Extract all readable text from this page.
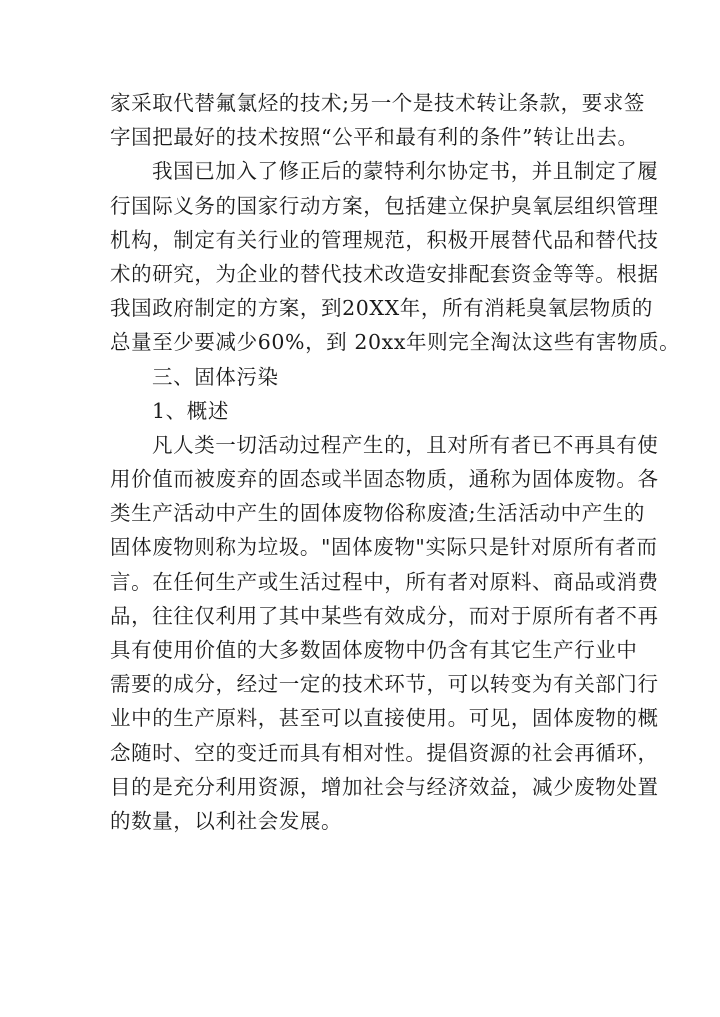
家采取代替氟氯烃的技术;另一个是技术转让条款，要求签
字国把最好的技术按照“公平和最有利的条件”转让出去。
我国已加入了修正后的蒙特利尔协定书，并且制定了履
行国际义务的国家行动方案，包括建立保护臭氧层组织管理
机构，制定有关行业的管理规范，积极开展替代品和替代技
术的研究，为企业的替代技术改造安排配套资金等等。根据
我国政府制定的方案，到20XX年，所有消耗臭氧层物质的
总量至少要减少60%，到 20xx年则完全淘汰这些有害物质。
三、固体污染
1、概述
凡人类一切活动过程产生的，且对所有者已不再具有使
用价值而被废弃的固态或半固态物质，通称为固体废物。各
类生产活动中产生的固体废物俗称废渣;生活活动中产生的
固体废物则称为垃圾。"固体废物"实际只是针对原所有者而
言。在任何生产或生活过程中，所有者对原料、商品或消费
品，往往仅利用了其中某些有效成分，而对于原所有者不再
具有使用价值的大多数固体废物中仍含有其它生产行业中
需要的成分，经过一定的技术环节，可以转变为有关部门行
业中的生产原料，甚至可以直接使用。可见，固体废物的概
念随时、空的变迁而具有相对性。提倡资源的社会再循环，
目的是充分利用资源，增加社会与经济效益，减少废物处置
的数量，以利社会发展。
